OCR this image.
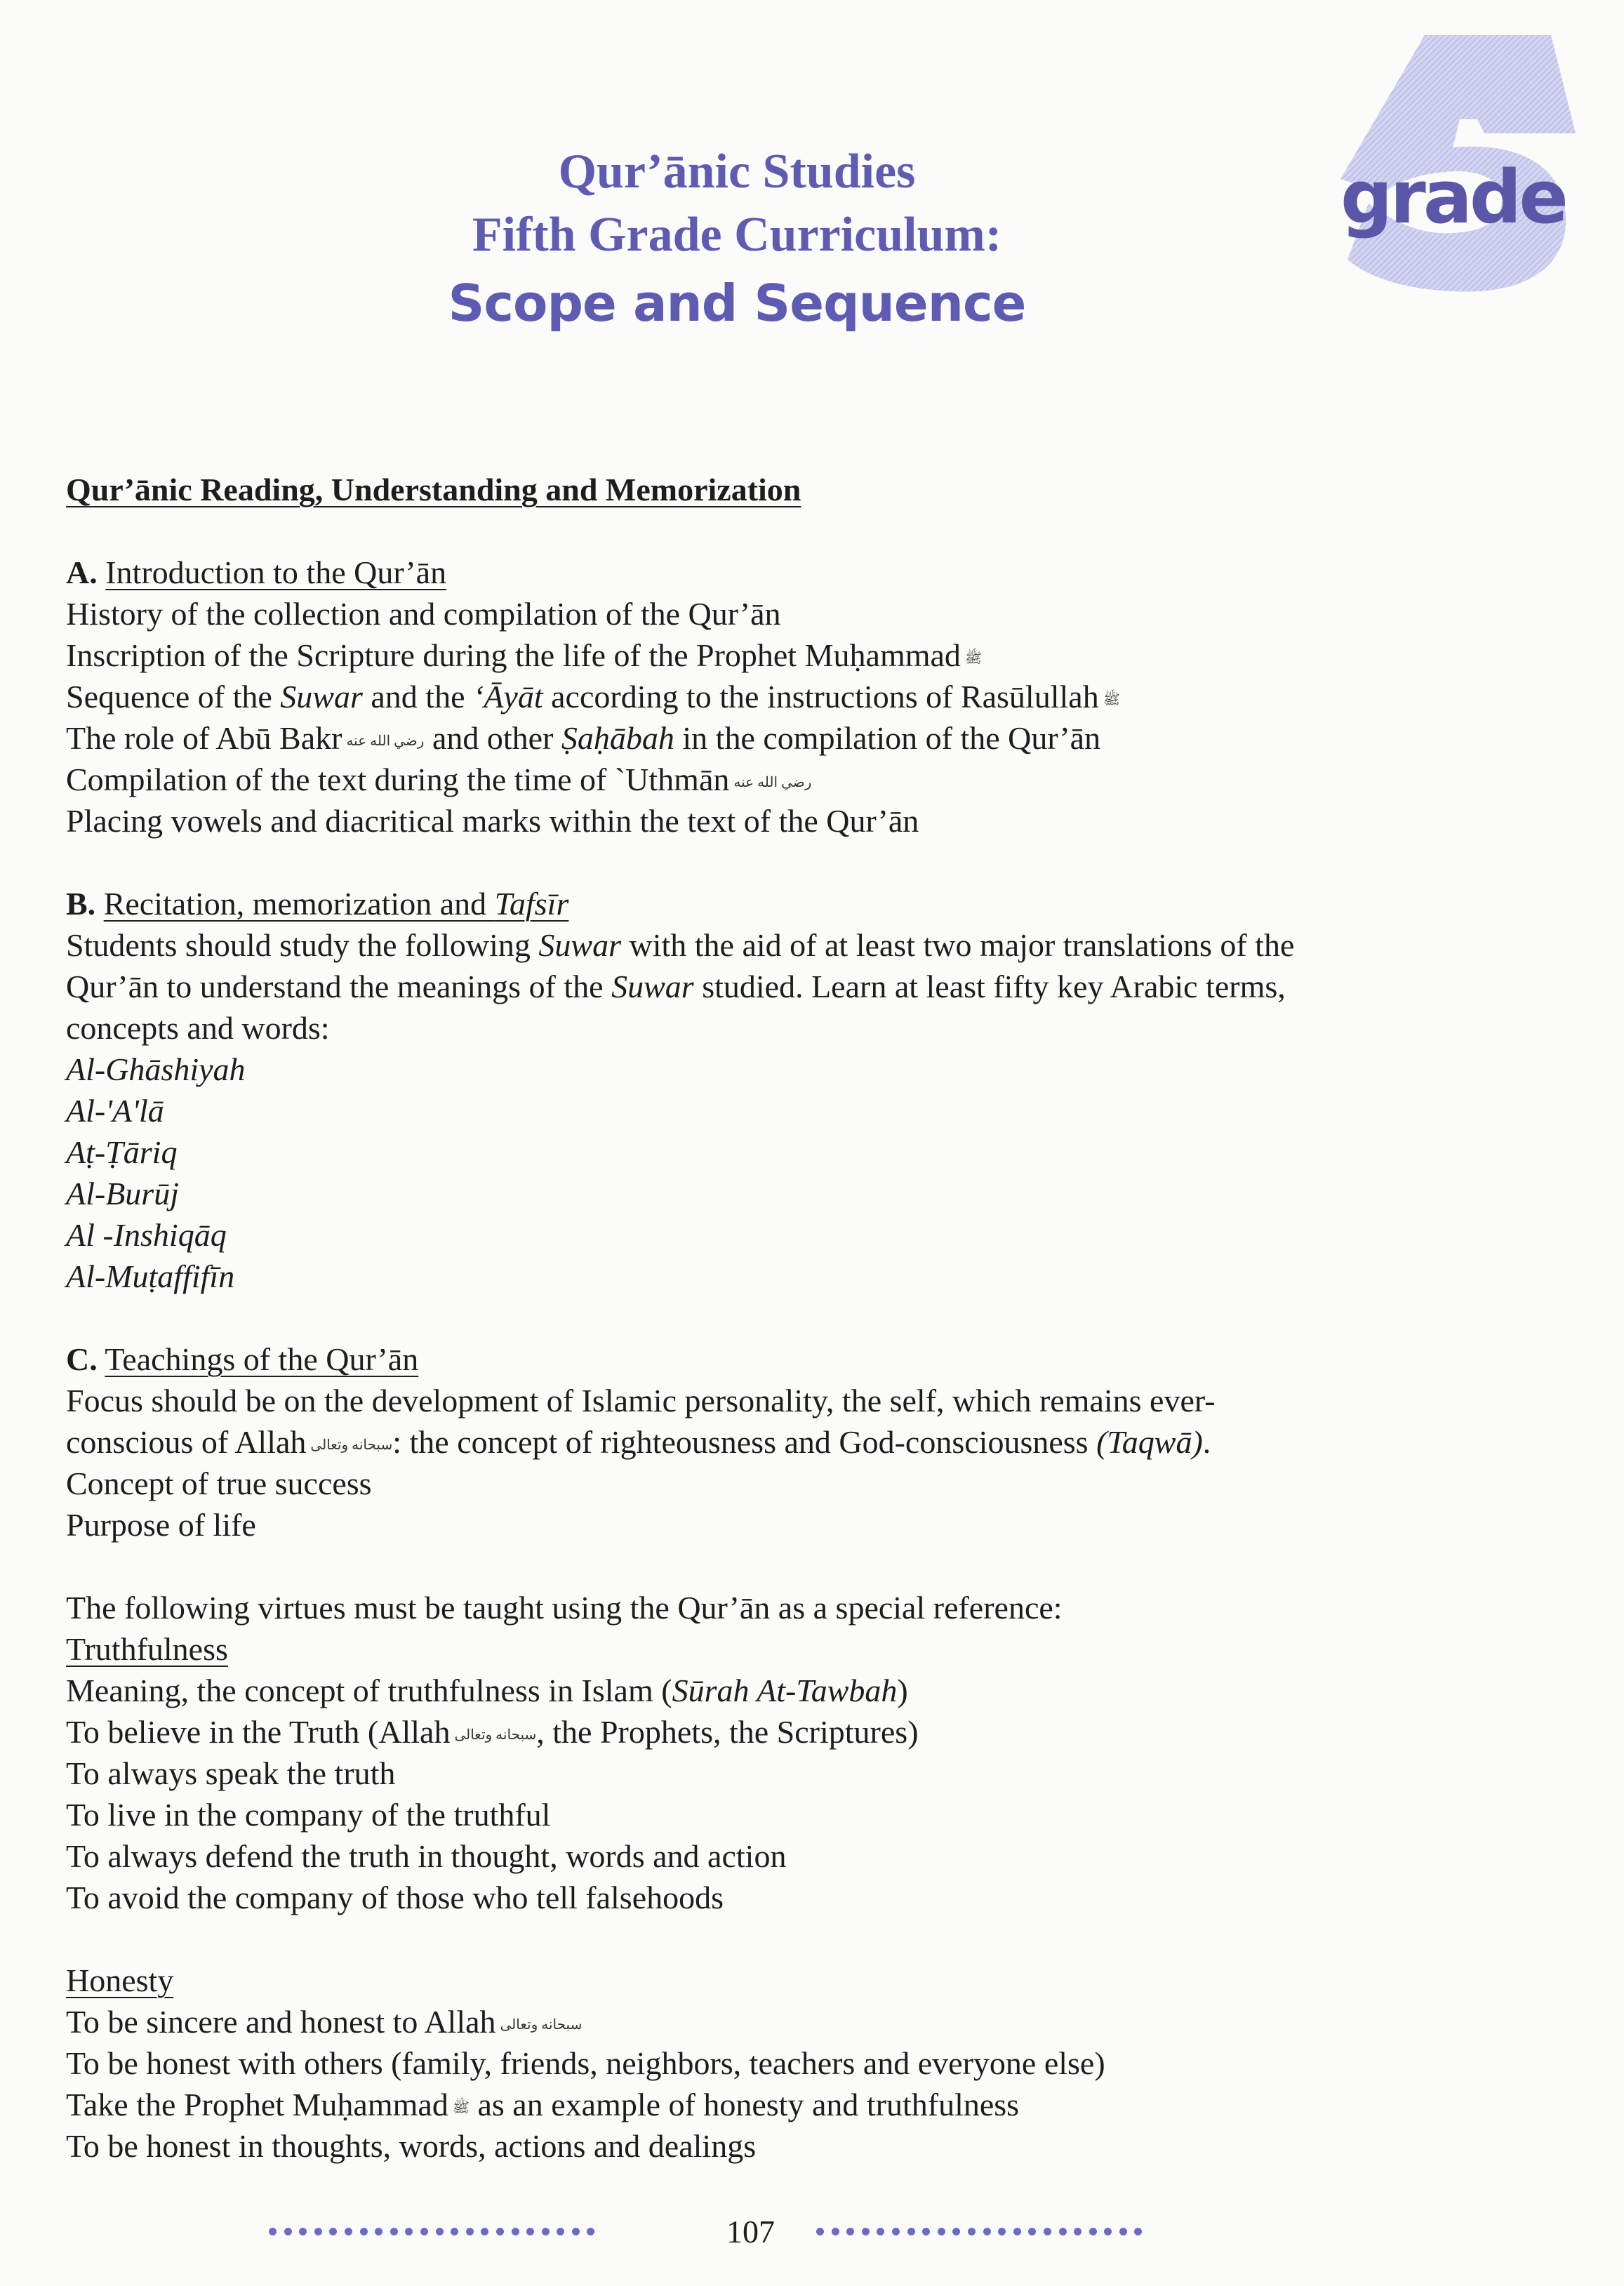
grade
Qur’ānic Studies
Fifth Grade Curriculum:
Scope and Sequence
Qur’ānic Reading, Understanding and Memorization
A. Introduction to the Qur’ān
History of the collection and compilation of the Qur’ān
Inscription of the Scripture during the life of the Prophet Muḥammad ﷺ
Sequence of the Suwar and the ‘Āyāt according to the instructions of Rasūlullah ﷺ
The role of Abū Bakr رضي الله عنه and other Ṣaḥābah in the compilation of the Qur’ān
Compilation of the text during the time of `Uthmān رضي الله عنه
Placing vowels and diacritical marks within the text of the Qur’ān
B. Recitation, memorization and Tafsīr
Students should study the following Suwar with the aid of at least two major translations of the
Qur’ān to understand the meanings of the Suwar studied. Learn at least fifty key Arabic terms,
concepts and words:
Al-Ghāshiyah
Al-'A'lā
Aṭ-Ṭāriq
Al-Burūj
Al -Inshiqāq
Al-Muṭaffifīn
C. Teachings of the Qur’ān
Focus should be on the development of Islamic personality, the self, which remains ever-
conscious of Allah سبحانه وتعالى: the concept of righteousness and God-consciousness (Taqwā).
Concept of true success
Purpose of life
The following virtues must be taught using the Qur’ān as a special reference:
Truthfulness
Meaning, the concept of truthfulness in Islam (Sūrah At-Tawbah)
To believe in the Truth (Allah سبحانه وتعالى, the Prophets, the Scriptures)
To always speak the truth
To live in the company of the truthful
To always defend the truth in thought, words and action
To avoid the company of those who tell falsehoods
Honesty
To be sincere and honest to Allah سبحانه وتعالى
To be honest with others (family, friends, neighbors, teachers and everyone else)
Take the Prophet Muḥammad ﷺ as an example of honesty and truthfulness
To be honest in thoughts, words, actions and dealings
107
